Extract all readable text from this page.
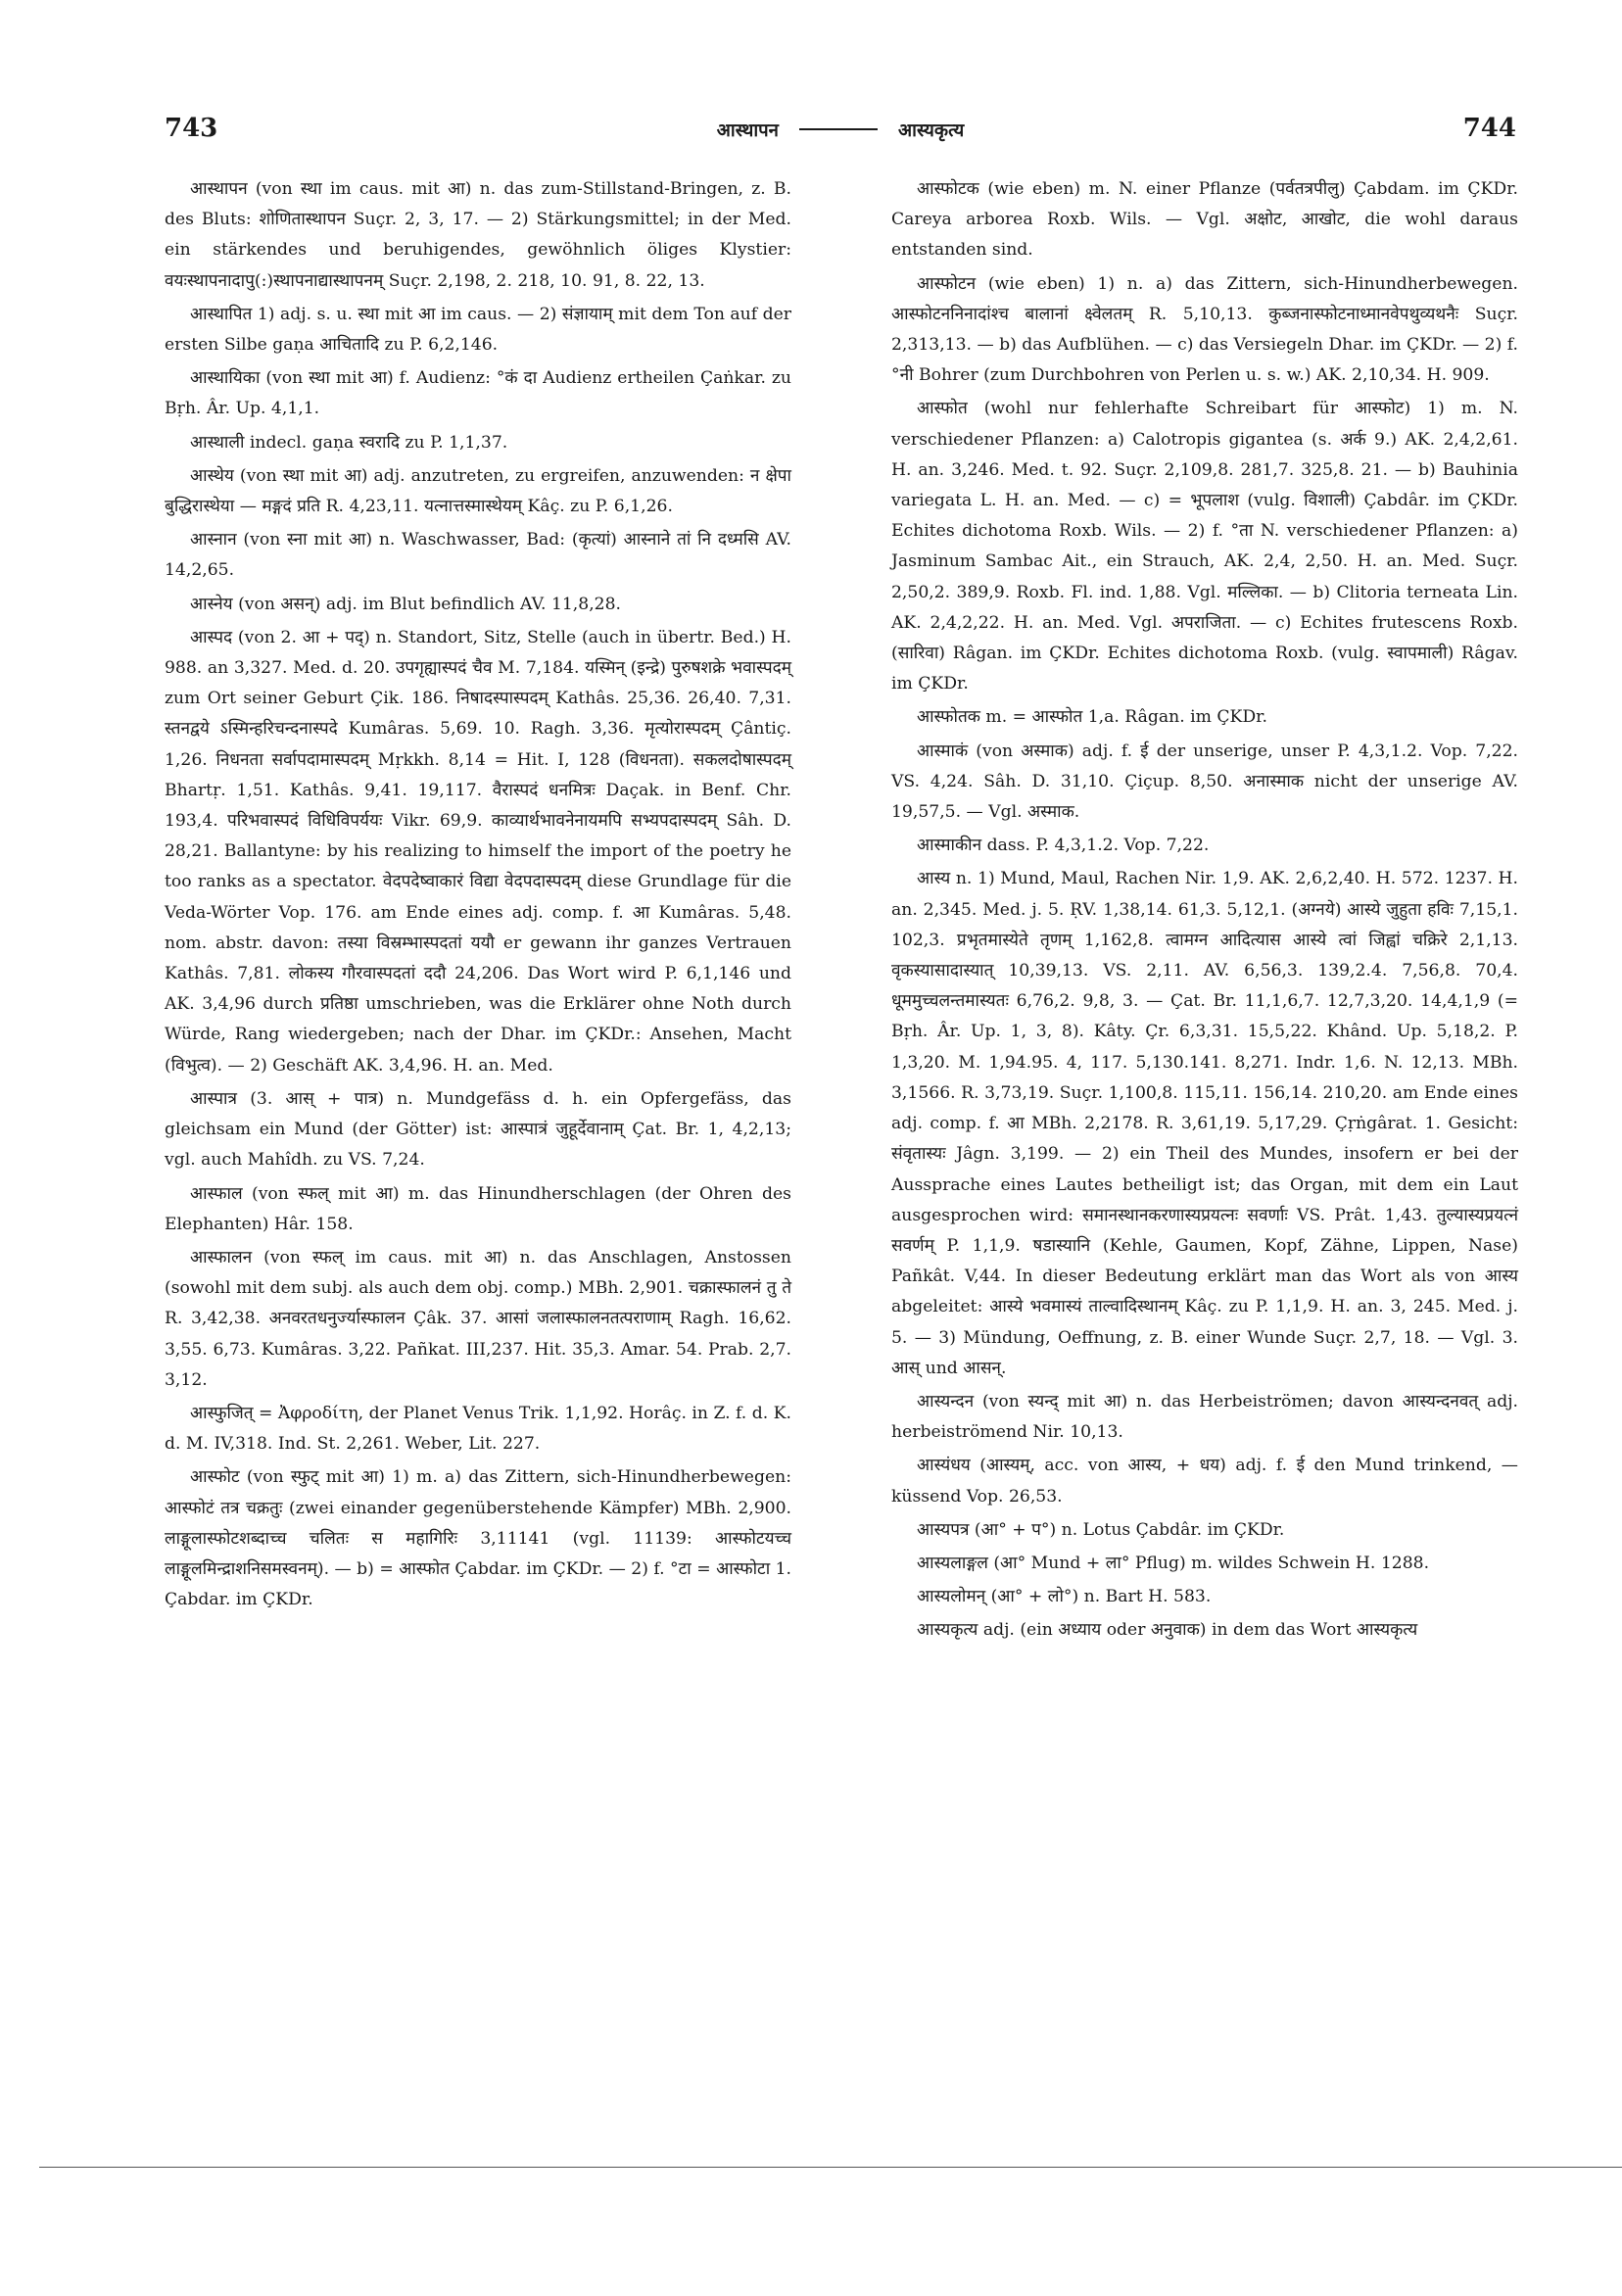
743	आस्थापन	आस्यकृत्य	744

आस्थापन (von स्था im caus. mit आ) n. das zum-Stillstand-Bringen, z. B. des Bluts: शोणितास्थापन Suçr. 2, 3, 17. — 2) Stärkungsmittel; in der Med. ein stärkendes und beruhigendes, gewöhnlich öliges Klystier: वयःस्थापनादापु(:)स्थापनाद्यास्थापनम् Suçr. 2,198, 2. 218, 10. 91, 8. 22, 13.

आस्थापित 1) adj. s. u. स्था mit आ im caus. — 2) संज्ञायाम् mit dem Ton auf der ersten Silbe gaṇa आचितादि zu P. 6,2,146.

आस्थायिका (von स्था mit आ) f. Audienz: °कं दा Audienz ertheilen Çaṅkar. zu Bṛh. Âr. Up. 4,1,1.

आस्थाली indecl. gaṇa स्वरादि zu P. 1,1,37.

आस्थेय (von स्था mit आ) adj. anzutreten, zu ergreifen, anzuwenden: न क्षेपा बुद्धिरास्थेया — मङ्गदं प्रति R. 4,23,11. यत्नात्तस्मास्थेयम् Kâç. zu P. 6,1,26.

आस्नान (von स्ना mit आ) n. Waschwasser, Bad: (कृत्यां) आस्नाने तां नि दध्मसि AV. 14,2,65.

आस्नेय (von असन्) adj. im Blut befindlich AV. 11,8,28.

आस्पद (von 2. आ + पद्) n. Standort, Sitz, Stelle (auch in übertr. Bed.) H. 988. an 3,327. Med. d. 20. उपगृह्यास्पदं चैव M. 7,184. यस्मिन् (इन्द्रे) पुरुषशक्रे भवास्पदम् zum Ort seiner Geburt Çik. 186. निषादस्पास्पदम् Kathâs. 25,36. 26,40. 7,31. स्तनद्वये ऽस्मिन्हरिचन्दनास्पदे Kumâras. 5,69. 10. Ragh. 3,36. मृत्योरास्पदम् Çântiç. 1,26. निधनता सर्वापदामास्पदम् Mṛkkh. 8,14 = Hit. I, 128 (विधनता). सकलदोषास्पदम् Bhartṛ. 1,51. Kathâs. 9,41. 19,117. वैरास्पदं धनमित्रः Daçak. in Benf. Chr. 193,4. परिभवास्पदं विधिविपर्ययः Vikr. 69,9. काव्यार्थभावनेनायमपि सभ्यपदास्पदम् Sâh. D. 28,21. Ballantyne: by his realizing to himself the import of the poetry he too ranks as a spectator. वेदपदेष्वाकारं विद्या वेदपदास्पदम् diese Grundlage für die Veda-Wörter Vop. 176. am Ende eines adj. comp. f. आ Kumâras. 5,48. nom. abstr. davon: तस्या विस्रम्भास्पदतां ययौ er gewann ihr ganzes Vertrauen Kathâs. 7,81. लोकस्य गौरवास्पदतां ददौ 24,206. Das Wort wird P. 6,1,146 und AK. 3,4,96 durch प्रतिष्ठा umschrieben, was die Erklärer ohne Noth durch Würde, Rang wiedergeben; nach der Dhar. im ÇKDr.: Ansehen, Macht (विभुत्व). — 2) Geschäft AK. 3,4,96. H. an. Med.

आस्पात्र (3. आस् + पात्र) n. Mundgefäss d. h. ein Opfergefäss, das gleichsam ein Mund (der Götter) ist: आस्पात्रं जुहूर्देवानाम् Çat. Br. 1, 4,2,13; vgl. auch Mahîdh. zu VS. 7,24.

आस्फाल (von स्फल् mit आ) m. das Hinundherschlagen (der Ohren des Elephanten) Hâr. 158.

आस्फालन (von स्फल् im caus. mit आ) n. das Anschlagen, Anstossen (sowohl mit dem subj. als auch dem obj. comp.) MBh. 2,901. चक्रास्फालनं तु ते R. 3,42,38. अनवरतधनुर्ज्यास्फालन Çâk. 37. आसां जलास्फालनतत्पराणाम् Ragh. 16,62. 3,55. 6,73. Kumâras. 3,22. Pañkat. III,237. Hit. 35,3. Amar. 54. Prab. 2,7. 3,12.

आस्फुजित् = Ἀφροδίτη, der Planet Venus Trik. 1,1,92. Horâç. in Z. f. d. K. d. M. IV,318. Ind. St. 2,261. Weber, Lit. 227.

आस्फोट (von स्फुट् mit आ) 1) m. a) das Zittern, sich-Hinundherbewegen: आस्फोटं तत्र चक्रतुः (zwei einander gegenüberstehende Kämpfer) MBh. 2,900. लाङ्गूलास्फोटशब्दाच्च चलितः स महागिरिः 3,11141 (vgl. 11139: आस्फोटयच्च लाङ्गूलमिन्द्राशनिसमस्वनम्). — b) = आस्फोत Çabdar. im ÇKDr. — 2) f. °टा = आस्फोटा 1. Çabdar. im ÇKDr.

आस्फोटक (wie eben) m. N. einer Pflanze (पर्वतत्रपीलु) Çabdam. im ÇKDr. Careya arborea Roxb. Wils. — Vgl. अक्षोट, आखोट, die wohl daraus entstanden sind.

आस्फोटन (wie eben) 1) n. a) das Zittern, sich-Hinundherbewegen. आस्फोटननिनादांश्च बालानां क्ष्वेलतम् R. 5,10,13. कुब्जनास्फोटनाध्मानवेपथुव्यथनैः Suçr. 2,313,13. — b) das Aufblühen. — c) das Versiegeln Dhar. im ÇKDr. — 2) f. °नी Bohrer (zum Durchbohren von Perlen u. s. w.) AK. 2,10,34. H. 909.

आस्फोत (wohl nur fehlerhafte Schreibart für आस्फोट) 1) m. N. verschiedener Pflanzen: a) Calotropis gigantea (s. अर्क 9.) AK. 2,4,2,61. H. an. 3,246. Med. t. 92. Suçr. 2,109,8. 281,7. 325,8. 21. — b) Bauhinia variegata L. H. an. Med. — c) = भूपलाश (vulg. विशाली) Çabdâr. im ÇKDr. Echites dichotoma Roxb. Wils. — 2) f. °ता N. verschiedener Pflanzen: a) Jasminum Sambac Ait., ein Strauch, AK. 2,4, 2,50. H. an. Med. Suçr. 2,50,2. 389,9. Roxb. Fl. ind. 1,88. Vgl. मल्लिका. — b) Clitoria terneata Lin. AK. 2,4,2,22. H. an. Med. Vgl. अपराजिता. — c) Echites frutescens Roxb. (सारिवा) Râgan. im ÇKDr. Echites dichotoma Roxb. (vulg. स्वापमाली) Râgav. im ÇKDr.

आस्फोतक m. = आस्फोत 1,a. Râgan. im ÇKDr.

आस्माकं (von अस्माक) adj. f. ई der unserige, unser P. 4,3,1.2. Vop. 7,22. VS. 4,24. Sâh. D. 31,10. Çiçup. 8,50. अनास्माक nicht der unserige AV. 19,57,5. — Vgl. अस्माक.

आस्माकीन dass. P. 4,3,1.2. Vop. 7,22.

आस्य n. 1) Mund, Maul, Rachen Nir. 1,9. AK. 2,6,2,40. H. 572. 1237. H. an. 2,345. Med. j. 5. ṚV. 1,38,14. 61,3. 5,12,1. (अग्नये) आस्ये जुहुता हविः 7,15,1. 102,3. प्रभृतमास्येते तृणम् 1,162,8. त्वामग्न आदित्यास आस्ये त्वां जिह्वां चक्रिरे 2,1,13. वृकस्यासादास्यात् 10,39,13. VS. 2,11. AV. 6,56,3. 139,2.4. 7,56,8. 70,4. धूममुच्चलन्तमास्यतः 6,76,2. 9,8, 3. — Çat. Br. 11,1,6,7. 12,7,3,20. 14,4,1,9 (= Bṛh. Âr. Up. 1, 3, 8). Kâty. Çr. 6,3,31. 15,5,22. Khând. Up. 5,18,2. P. 1,3,20. M. 1,94.95. 4, 117. 5,130.141. 8,271. Indr. 1,6. N. 12,13. MBh. 3,1566. R. 3,73,19. Suçr. 1,100,8. 115,11. 156,14. 210,20. am Ende eines adj. comp. f. आ MBh. 2,2178. R. 3,61,19. 5,17,29. Çṛṅgârat. 1. Gesicht: संवृतास्यः Jâgn. 3,199. — 2) ein Theil des Mundes, insofern er bei der Aussprache eines Lautes betheiligt ist; das Organ, mit dem ein Laut ausgesprochen wird: समानस्थानकरणास्यप्रयत्नः सवर्णाः VS. Prât. 1,43. तुल्यास्यप्रयत्नं सवर्णम् P. 1,1,9. षडास्यानि (Kehle, Gaumen, Kopf, Zähne, Lippen, Nase) Pañkât. V,44. In dieser Bedeutung erklärt man das Wort als von आस्य abgeleitet: आस्ये भवमास्यं ताल्वादिस्थानम् Kâç. zu P. 1,1,9. H. an. 3, 245. Med. j. 5. — 3) Mündung, Oeffnung, z. B. einer Wunde Suçr. 2,7, 18. — Vgl. 3. आस् und आसन्.

आस्यन्दन (von स्यन्द् mit आ) n. das Herbeiströmen; davon आस्यन्दनवत् adj. herbeiströmend Nir. 10,13.

आस्यंधय (आस्यम्, acc. von आस्य, + धय) adj. f. ई den Mund trinkend, — küssend Vop. 26,53.

आस्यपत्र (आ° + प°) n. Lotus Çabdâr. im ÇKDr.

आस्यलाङ्गल (आ° Mund + ला° Pflug) m. wildes Schwein H. 1288.

आस्यलोमन् (आ° + लो°) n. Bart H. 583.

आस्यकृत्य adj. (ein अध्याय oder अनुवाक) in dem das Wort आस्यकृत्य
